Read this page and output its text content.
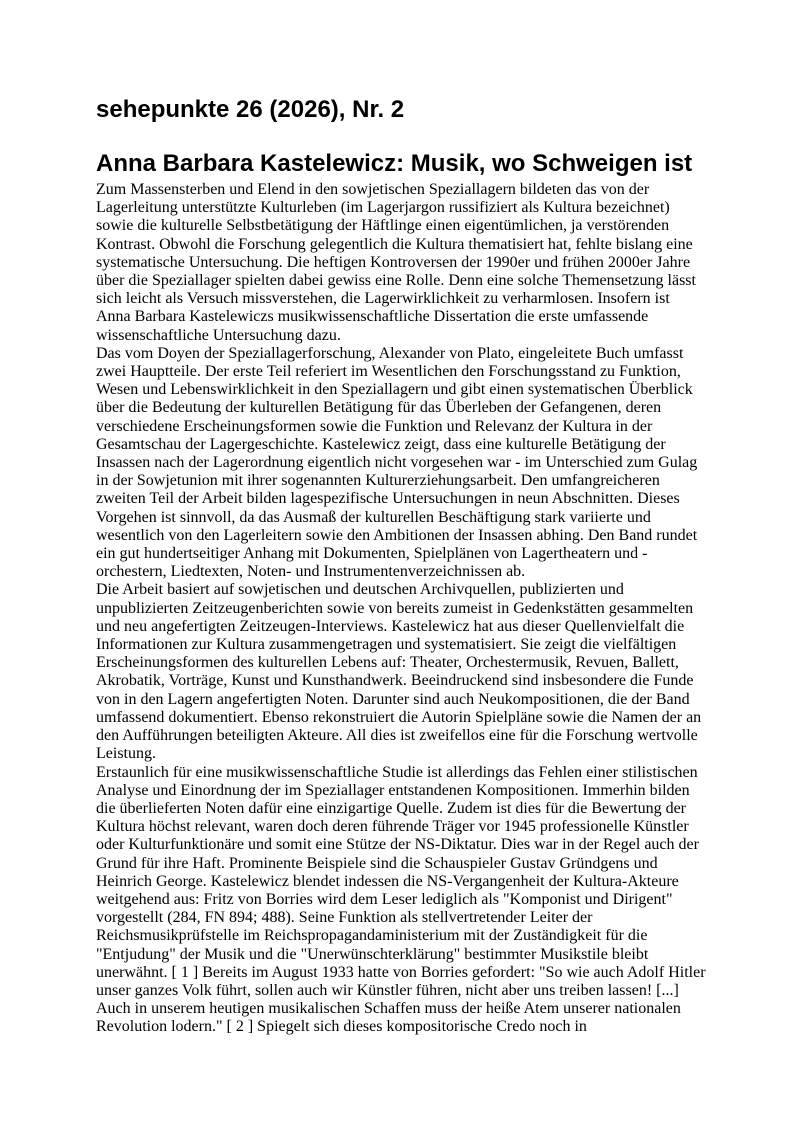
sehepunkte 26 (2026), Nr. 2
Anna Barbara Kastelewicz: Musik, wo Schweigen ist

Zum Massensterben und Elend in den sowjetischen Speziallagern bildeten das von der Lagerleitung unterstützte Kulturleben (im Lagerjargon russifiziert als Kultura bezeichnet) sowie die kulturelle Selbstbetätigung der Häftlinge einen eigentümlichen, ja verstörenden Kontrast. Obwohl die Forschung gelegentlich die Kultura thematisiert hat, fehlte bislang eine systematische Untersuchung. Die heftigen Kontroversen der 1990er und frühen 2000er Jahre über die Speziallager spielten dabei gewiss eine Rolle. Denn eine solche Themensetzung lässt sich leicht als Versuch missverstehen, die Lagerwirklichkeit zu verharmlosen. Insofern ist Anna Barbara Kastelewiczs musikwissenschaftliche Dissertation die erste umfassende wissenschaftliche Untersuchung dazu.

Das vom Doyen der Speziallagerforschung, Alexander von Plato, eingeleitete Buch umfasst zwei Hauptteile. Der erste Teil referiert im Wesentlichen den Forschungsstand zu Funktion, Wesen und Lebenswirklichkeit in den Speziallagern und gibt einen systematischen Überblick über die Bedeutung der kulturellen Betätigung für das Überleben der Gefangenen, deren verschiedene Erscheinungsformen sowie die Funktion und Relevanz der Kultura in der Gesamtschau der Lagergeschichte. Kastelewicz zeigt, dass eine kulturelle Betätigung der Insassen nach der Lagerordnung eigentlich nicht vorgesehen war - im Unterschied zum Gulag in der Sowjetunion mit ihrer sogenannten Kulturerziehungsarbeit. Den umfangreicheren zweiten Teil der Arbeit bilden lagespezifische Untersuchungen in neun Abschnitten. Dieses Vorgehen ist sinnvoll, da das Ausmaß der kulturellen Beschäftigung stark variierte und wesentlich von den Lagerleitern sowie den Ambitionen der Insassen abhing. Den Band rundet ein gut hundertseitiger Anhang mit Dokumenten, Spielplänen von Lagertheatern und -orchestern, Liedtexten, Noten- und Instrumentenverzeichnissen ab.

Die Arbeit basiert auf sowjetischen und deutschen Archivquellen, publizierten und unpublizierten Zeitzeugenberichten sowie von bereits zumeist in Gedenkstätten gesammelten und neu angefertigten Zeitzeugen-Interviews. Kastelewicz hat aus dieser Quellenvielfalt die Informationen zur Kultura zusammengetragen und systematisiert. Sie zeigt die vielfältigen Erscheinungsformen des kulturellen Lebens auf: Theater, Orchestermusik, Revuen, Ballett, Akrobatik, Vorträge, Kunst und Kunsthandwerk. Beeindruckend sind insbesondere die Funde von in den Lagern angefertigten Noten. Darunter sind auch Neukompositionen, die der Band umfassend dokumentiert. Ebenso rekonstruiert die Autorin Spielpläne sowie die Namen der an den Aufführungen beteiligten Akteure. All dies ist zweifellos eine für die Forschung wertvolle Leistung.

Erstaunlich für eine musikwissenschaftliche Studie ist allerdings das Fehlen einer stilistischen Analyse und Einordnung der im Speziallager entstandenen Kompositionen. Immerhin bilden die überlieferten Noten dafür eine einzigartige Quelle. Zudem ist dies für die Bewertung der Kultura höchst relevant, waren doch deren führende Träger vor 1945 professionelle Künstler oder Kulturfunktionäre und somit eine Stütze der NS-Diktatur. Dies war in der Regel auch der Grund für ihre Haft. Prominente Beispiele sind die Schauspieler Gustav Gründgens und Heinrich George. Kastelewicz blendet indessen die NS-Vergangenheit der Kultura-Akteure weitgehend aus: Fritz von Borries wird dem Leser lediglich als "Komponist und Dirigent" vorgestellt (284, FN 894; 488). Seine Funktion als stellvertretender Leiter der Reichsmusikprüfstelle im Reichspropagandaministerium mit der Zuständigkeit für die "Entjudung" der Musik und die "Unerwünschterklärung" bestimmter Musikstile bleibt unerwähnt. [ 1 ] Bereits im August 1933 hatte von Borries gefordert: "So wie auch Adolf Hitler unser ganzes Volk führt, sollen auch wir Künstler führen, nicht aber uns treiben lassen! [...] Auch in unserem heutigen musikalischen Schaffen muss der heiße Atem unserer nationalen Revolution lodern." [ 2 ] Spiegelt sich dieses kompositorische Credo noch in
